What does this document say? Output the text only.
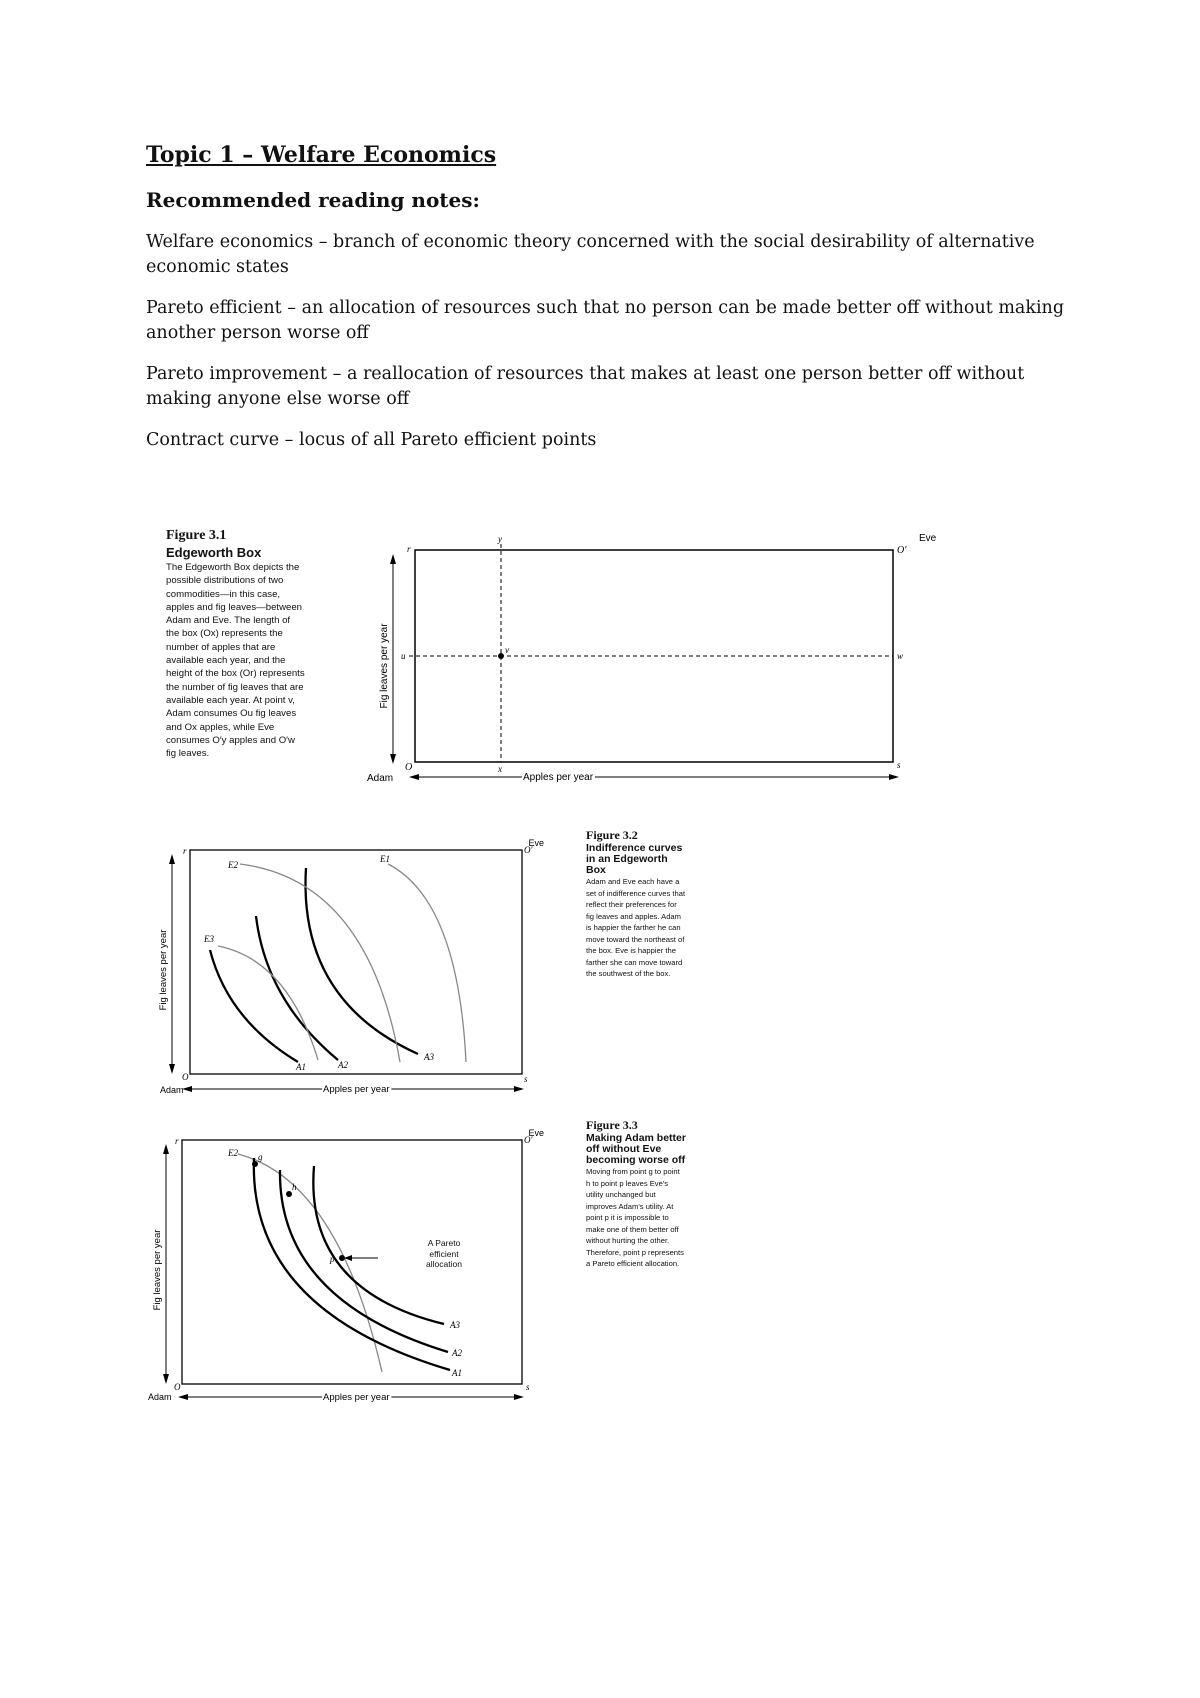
Topic 1 – Welfare Economics
Recommended reading notes:

Welfare economics – branch of economic theory concerned with the social desirability of alternative economic states

Pareto efficient – an allocation of resources such that no person can be made better off without making another person worse off

Pareto improvement – a reallocation of resources that makes at least one person better off without making anyone else worse off

Contract curve – locus of all Pareto efficient points

Figure 3.1

Edgeworth Box

The Edgeworth Box depicts the possible distributions of two commodities—in this case, apples and fig leaves—between Adam and Eve. The length of the box (Ox) represents the number of apples that are available each year, and the height of the box (Or) represents the number of fig leaves that are available each year. At point v, Adam consumes Ou fig leaves and Ox apples, while Eve consumes O′y apples and O′w fig leaves.

Fig leaves per year
Apples per year
Adam
O
O′
Eve
r
y
u
v
w
x	s
Fig leaves per year
Apples per year
Adam
O
O′
Eve
r
s
A1	A2
A3
E1
E2
E3

Figure 3.2

Indifference curves in an Edgeworth Box

Adam and Eve each have a set of indifference curves that reflect their preferences for fig leaves and apples. Adam is happier the farther he can move toward the northeast of the box. Eve is happier the farther she can move toward the southwest of the box.

Fig leaves per year
Apples per year
Adam
O
O′
Eve
r
s
g
h
p
E2
A3
A2
A1

A Pareto efficient allocation

Figure 3.3

Making Adam better off without Eve becoming worse off

Moving from point g to point h to point p leaves Eve's utility unchanged but improves Adam's utility. At point p it is impossible to make one of them better off without hurting the other. Therefore, point p represents a Pareto efficient allocation.
